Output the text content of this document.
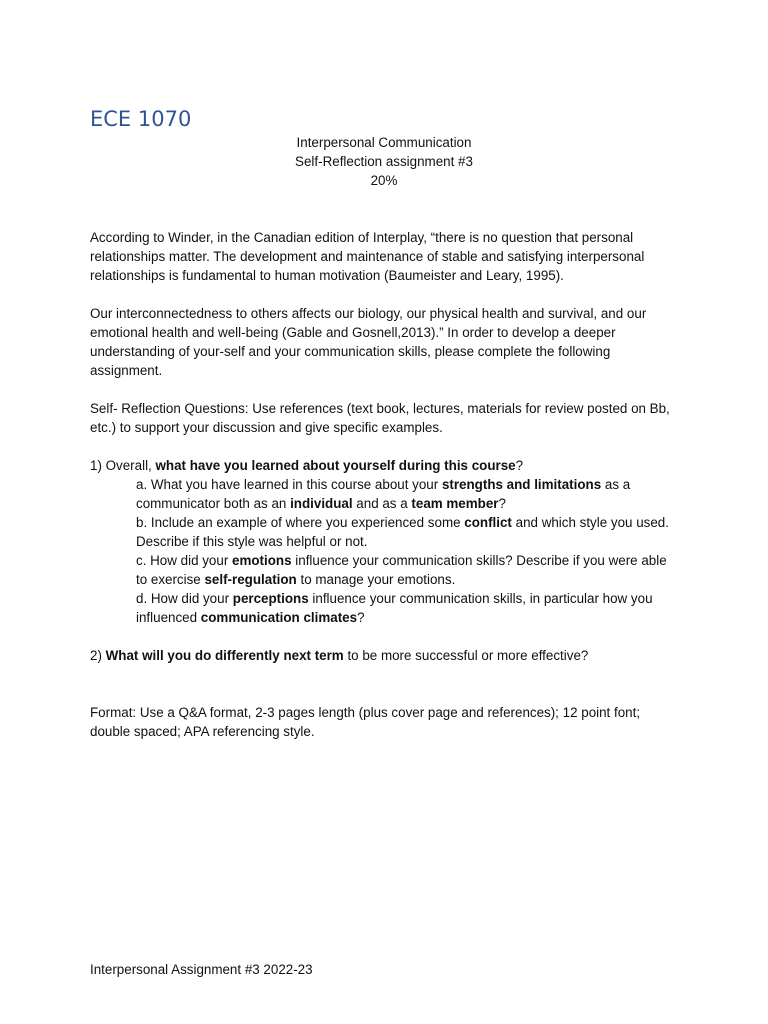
ECE 1070
Interpersonal Communication
Self-Reflection assignment #3
20%

According to Winder, in the Canadian edition of Interplay, “there is no question that personal relationships matter. The development and maintenance of stable and satisfying interpersonal relationships is fundamental to human motivation (Baumeister and Leary, 1995).

Our interconnectedness to others affects our biology, our physical health and survival, and our emotional health and well-being (Gable and Gosnell,2013).” In order to develop a deeper understanding of your-self and your communication skills, please complete the following assignment.

Self- Reflection Questions: Use references (text book, lectures, materials for review posted on Bb, etc.) to support your discussion and give specific examples.

1) Overall, what have you learned about yourself during this course?
a. What you have learned in this course about your strengths and limitations as a communicator both as an individual and as a team member?
b. Include an example of where you experienced some conflict and which style you used. Describe if this style was helpful or not.
c. How did your emotions influence your communication skills? Describe if you were able to exercise self-regulation to manage your emotions.
d. How did your perceptions influence your communication skills, in particular how you influenced communication climates?
2) What will you do differently next term to be more successful or more effective?

Format: Use a Q&A format, 2-3 pages length (plus cover page and references); 12 point font; double spaced; APA referencing style.

Interpersonal Assignment #3 2022-23
